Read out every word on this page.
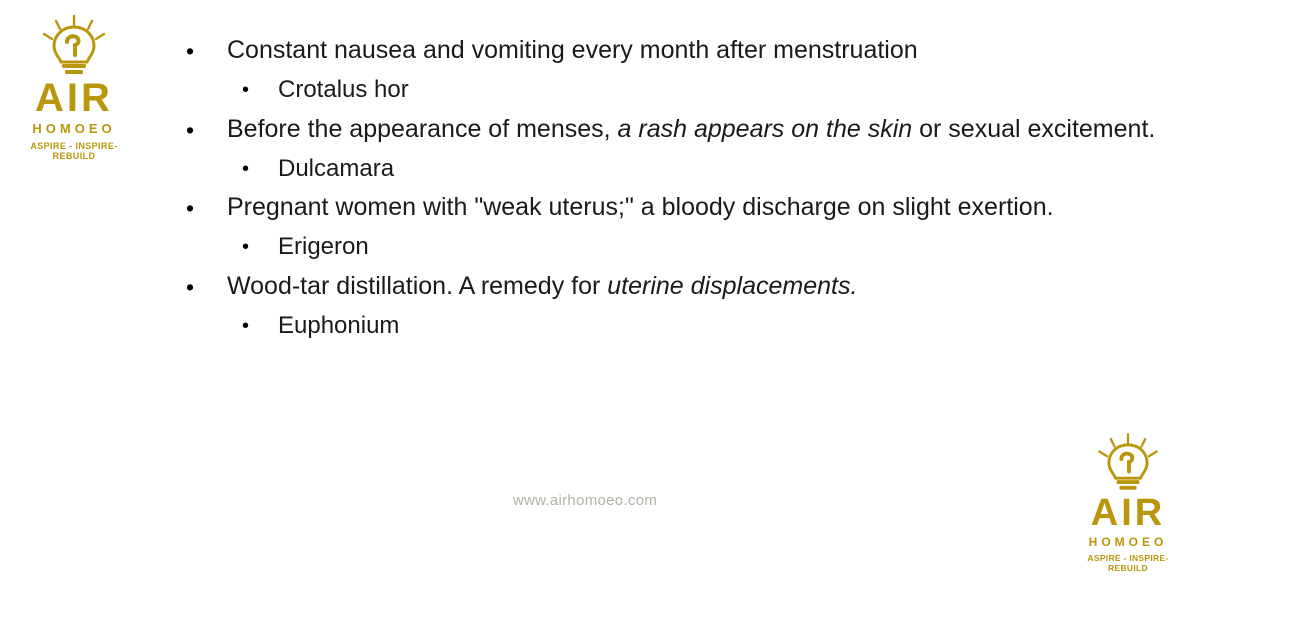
AIR
HOMOEO
ASPIRE - INSPIRE- REBUILD
• Constant nausea and vomiting every month after menstruation
• Crotalus hor
• Before the appearance of menses, a rash appears on the skin or sexual excitement.
• Dulcamara
• Pregnant women with "weak uterus;" a bloody discharge on slight exertion.
• Erigeron
• Wood-tar distillation. A remedy for uterine displacements.
• Euphonium
www.airhomoeo.com	AIR
HOMOEO
ASPIRE - INSPIRE- REBUILD
